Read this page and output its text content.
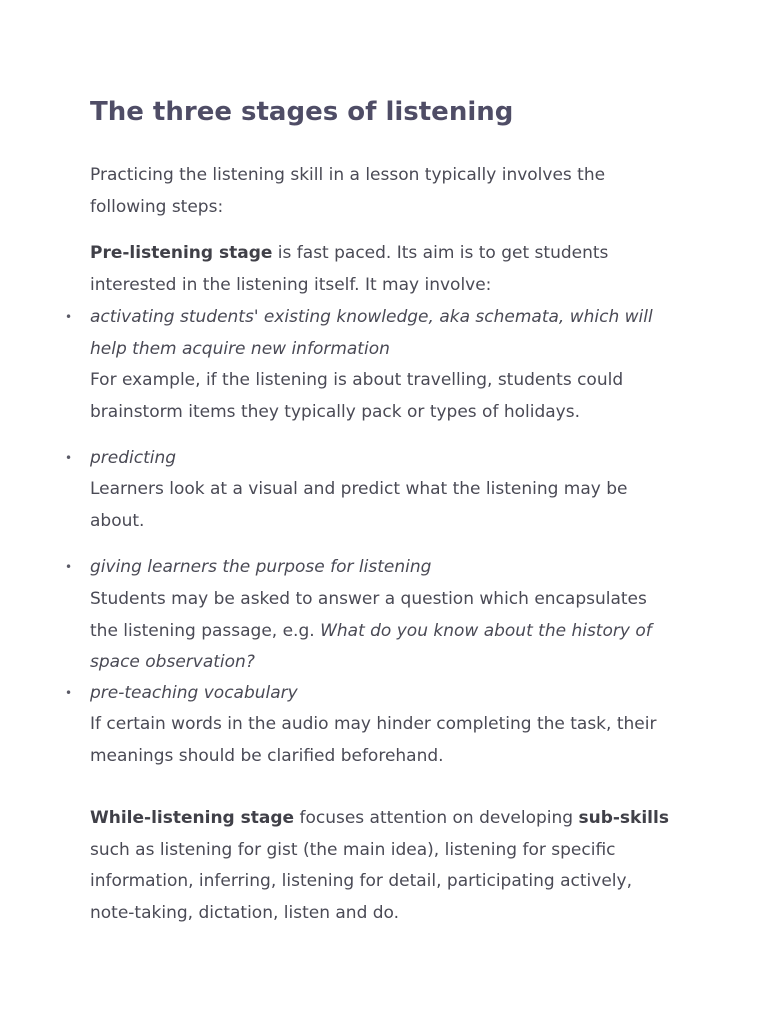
The three stages of listening

Practicing the listening skill in a lesson typically involves the following steps:

Pre-listening stage is fast paced. Its aim is to get students interested in the listening itself. It may involve:

• activating students' existing knowledge, aka schemata, which will help them acquire new information

For example, if the listening is about travelling, students could brainstorm items they typically pack or types of holidays.

• predicting

Learners look at a visual and predict what the listening may be about.

• giving learners the purpose for listening

Students may be asked to answer a question which encapsulates the listening passage, e.g. What do you know about the history of space observation?

• pre-teaching vocabulary

If certain words in the audio may hinder completing the task, their meanings should be clarified beforehand.

While-listening stage focuses attention on developing sub-skills such as listening for gist (the main idea), listening for specific information, inferring, listening for detail, participating actively, note-taking, dictation, listen and do.
